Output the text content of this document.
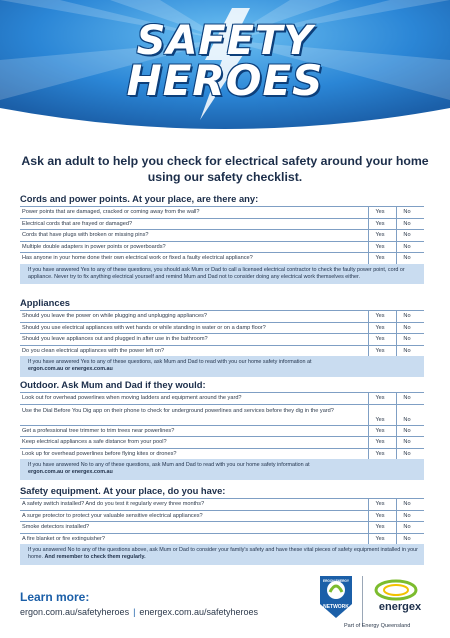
SAFETY
HEROES
Ask an adult to help you check for electrical safety around your home using our safety checklist.
Cords and power points. At your place, are there any:
Power points that are damaged, cracked or coming away from the wall?	Yes	No
Electrical cords that are frayed or damaged?	Yes	No
Cords that have plugs with broken or missing pins?	Yes	No
Multiple double adapters in power points or powerboards?	Yes	No
Has anyone in your home done their own electrical work or fixed a faulty electrical appliance?	Yes	No
If you have answered Yes to any of these questions, you should ask Mum or Dad to call a licensed electrical contractor to check the faulty power point, cord or appliance. Never try to fix anything electrical yourself and remind Mum and Dad not to consider doing any electrical work themselves either.
Appliances
Should you leave the power on while plugging and unplugging appliances?	Yes	No
Should you use electrical appliances with wet hands or while standing in water or on a damp floor?	Yes	No
Should you leave appliances out and plugged in after use in the bathroom?	Yes	No
Do you clean electrical appliances with the power left on?	Yes	No
If you have answered Yes to any of these questions, ask Mum and Dad to read with you our home safety information at
ergon.com.au or energex.com.au
Outdoor. Ask Mum and Dad if they would:
Look out for overhead powerlines when moving ladders and equipment around the yard?	Yes	No
Use the Dial Before You Dig app on their phone to check for underground powerlines and services before they dig in the yard?
Yes	No
Get a professional tree trimmer to trim trees near powerlines?	Yes	No
Keep electrical appliances a safe distance from your pool?	Yes	No
Look up for overhead powerlines before flying kites or drones?	Yes	No
If you have answered No to any of these questions, ask Mum and Dad to read with you our home safety information at
ergon.com.au or energex.com.au
Safety equipment. At your place, do you have:
A safety switch installed? And do you test it regularly every three months?	Yes	No
A surge protector to protect your valuable sensitive electrical appliances?	Yes	No
Smoke detectors installed?	Yes	No
A fire blanket or fire extinguisher?	Yes	No
If you answered No to any of the questions above, ask Mum or Dad to consider your family's safety and have these vital pieces of safety equipment installed in your home. And remember to check them regularly.
Learn more:
ergon.com.au/safetyheroes | energex.com.au/safetyheroes
ERGON ENERGY
NETWORK	energex
Part of Energy Queensland
